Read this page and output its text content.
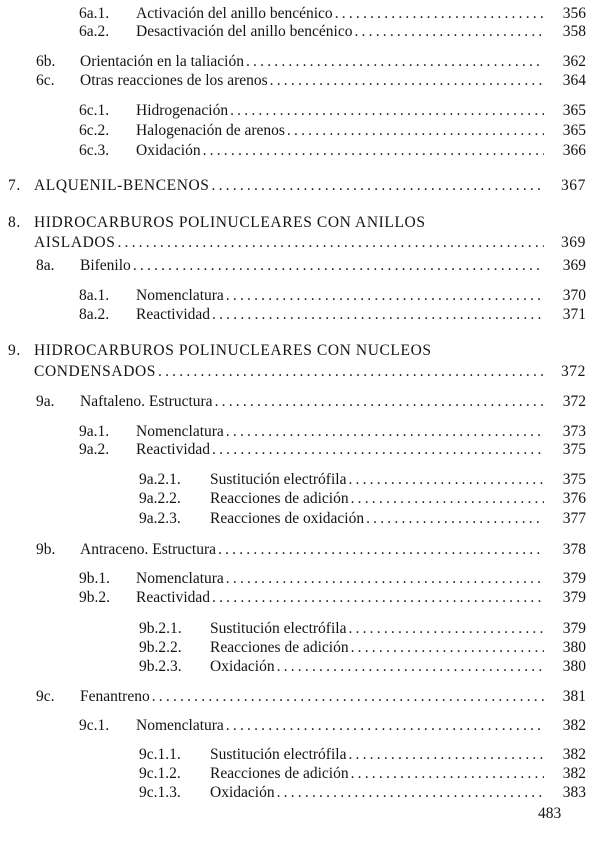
6a.1. Activación del anillo bencénico .....	356
6a.2. Desactivación del anillo bencénico .....	358
6b. Orientación en la taliación .....	362
6c. Otras reacciones de los arenos .....	364
6c.1. Hidrogenación .....	365
6c.2. Halogenación de arenos .....	365
6c.3. Oxidación .....	366
7. ALQUENIL-BENCENOS .....	367
8. HIDROCARBUROS POLINUCLEARES CON ANILLOS
AISLADOS .....	369
8a. Bifenilo .....	369
8a.1. Nomenclatura .....	370
8a.2. Reactividad .....	371
9. HIDROCARBUROS POLINUCLEARES CON NUCLEOS
CONDENSADOS .....	372
9a. Naftaleno. Estructura .....	372
9a.1. Nomenclatura .....	373
9a.2. Reactividad .....	375
9a.2.1. Sustitución electrófila .....	375
9a.2.2. Reacciones de adición .....	376
9a.2.3. Reacciones de oxidación .....	377
9b. Antraceno. Estructura .....	378
9b.1. Nomenclatura .....	379
9b.2. Reactividad .....	379
9b.2.1. Sustitución electrófila .....	379
9b.2.2. Reacciones de adición .....	380
9b.2.3. Oxidación .....	380
9c. Fenantreno .....	381
9c.1. Nomenclatura .....	382
9c.1.1. Sustitución electrófila .....	382
9c.1.2. Reacciones de adición .....	382
9c.1.3. Oxidación .....	383
483
